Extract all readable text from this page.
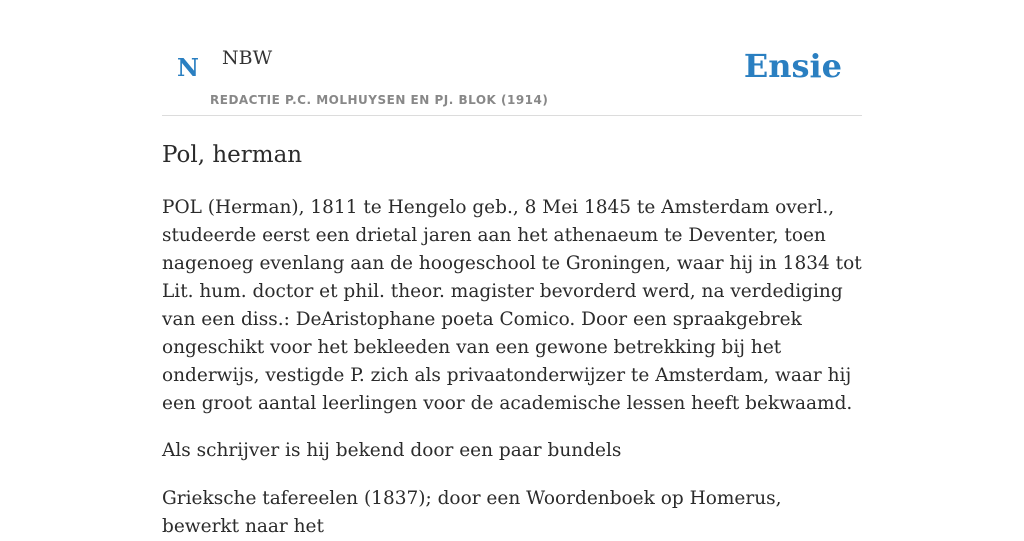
N NBW
REDACTIE P.C. MOLHUYSEN EN PJ. BLOK (1914)
Ensie
Pol, herman

POL (Herman), 1811 te Hengelo geb., 8 Mei 1845 te Amsterdam overl., studeerde eerst een drietal jaren aan het athenaeum te Deventer, toen nagenoeg evenlang aan de hoogeschool te Groningen, waar hij in 1834 tot Lit. hum. doctor et phil. theor. magister bevorderd werd, na verdediging van een diss.: DeAristophane poeta Comico. Door een spraakgebrek ongeschikt voor het bekleeden van een gewone betrekking bij het onderwijs, vestigde P. zich als privaatonderwijzer te Amsterdam, waar hij een groot aantal leerlingen voor de academische lessen heeft bekwaamd.

Als schrijver is hij bekend door een paar bundels

Grieksche tafereelen (1837); door een Woordenboek op Homerus, bewerkt naar het
